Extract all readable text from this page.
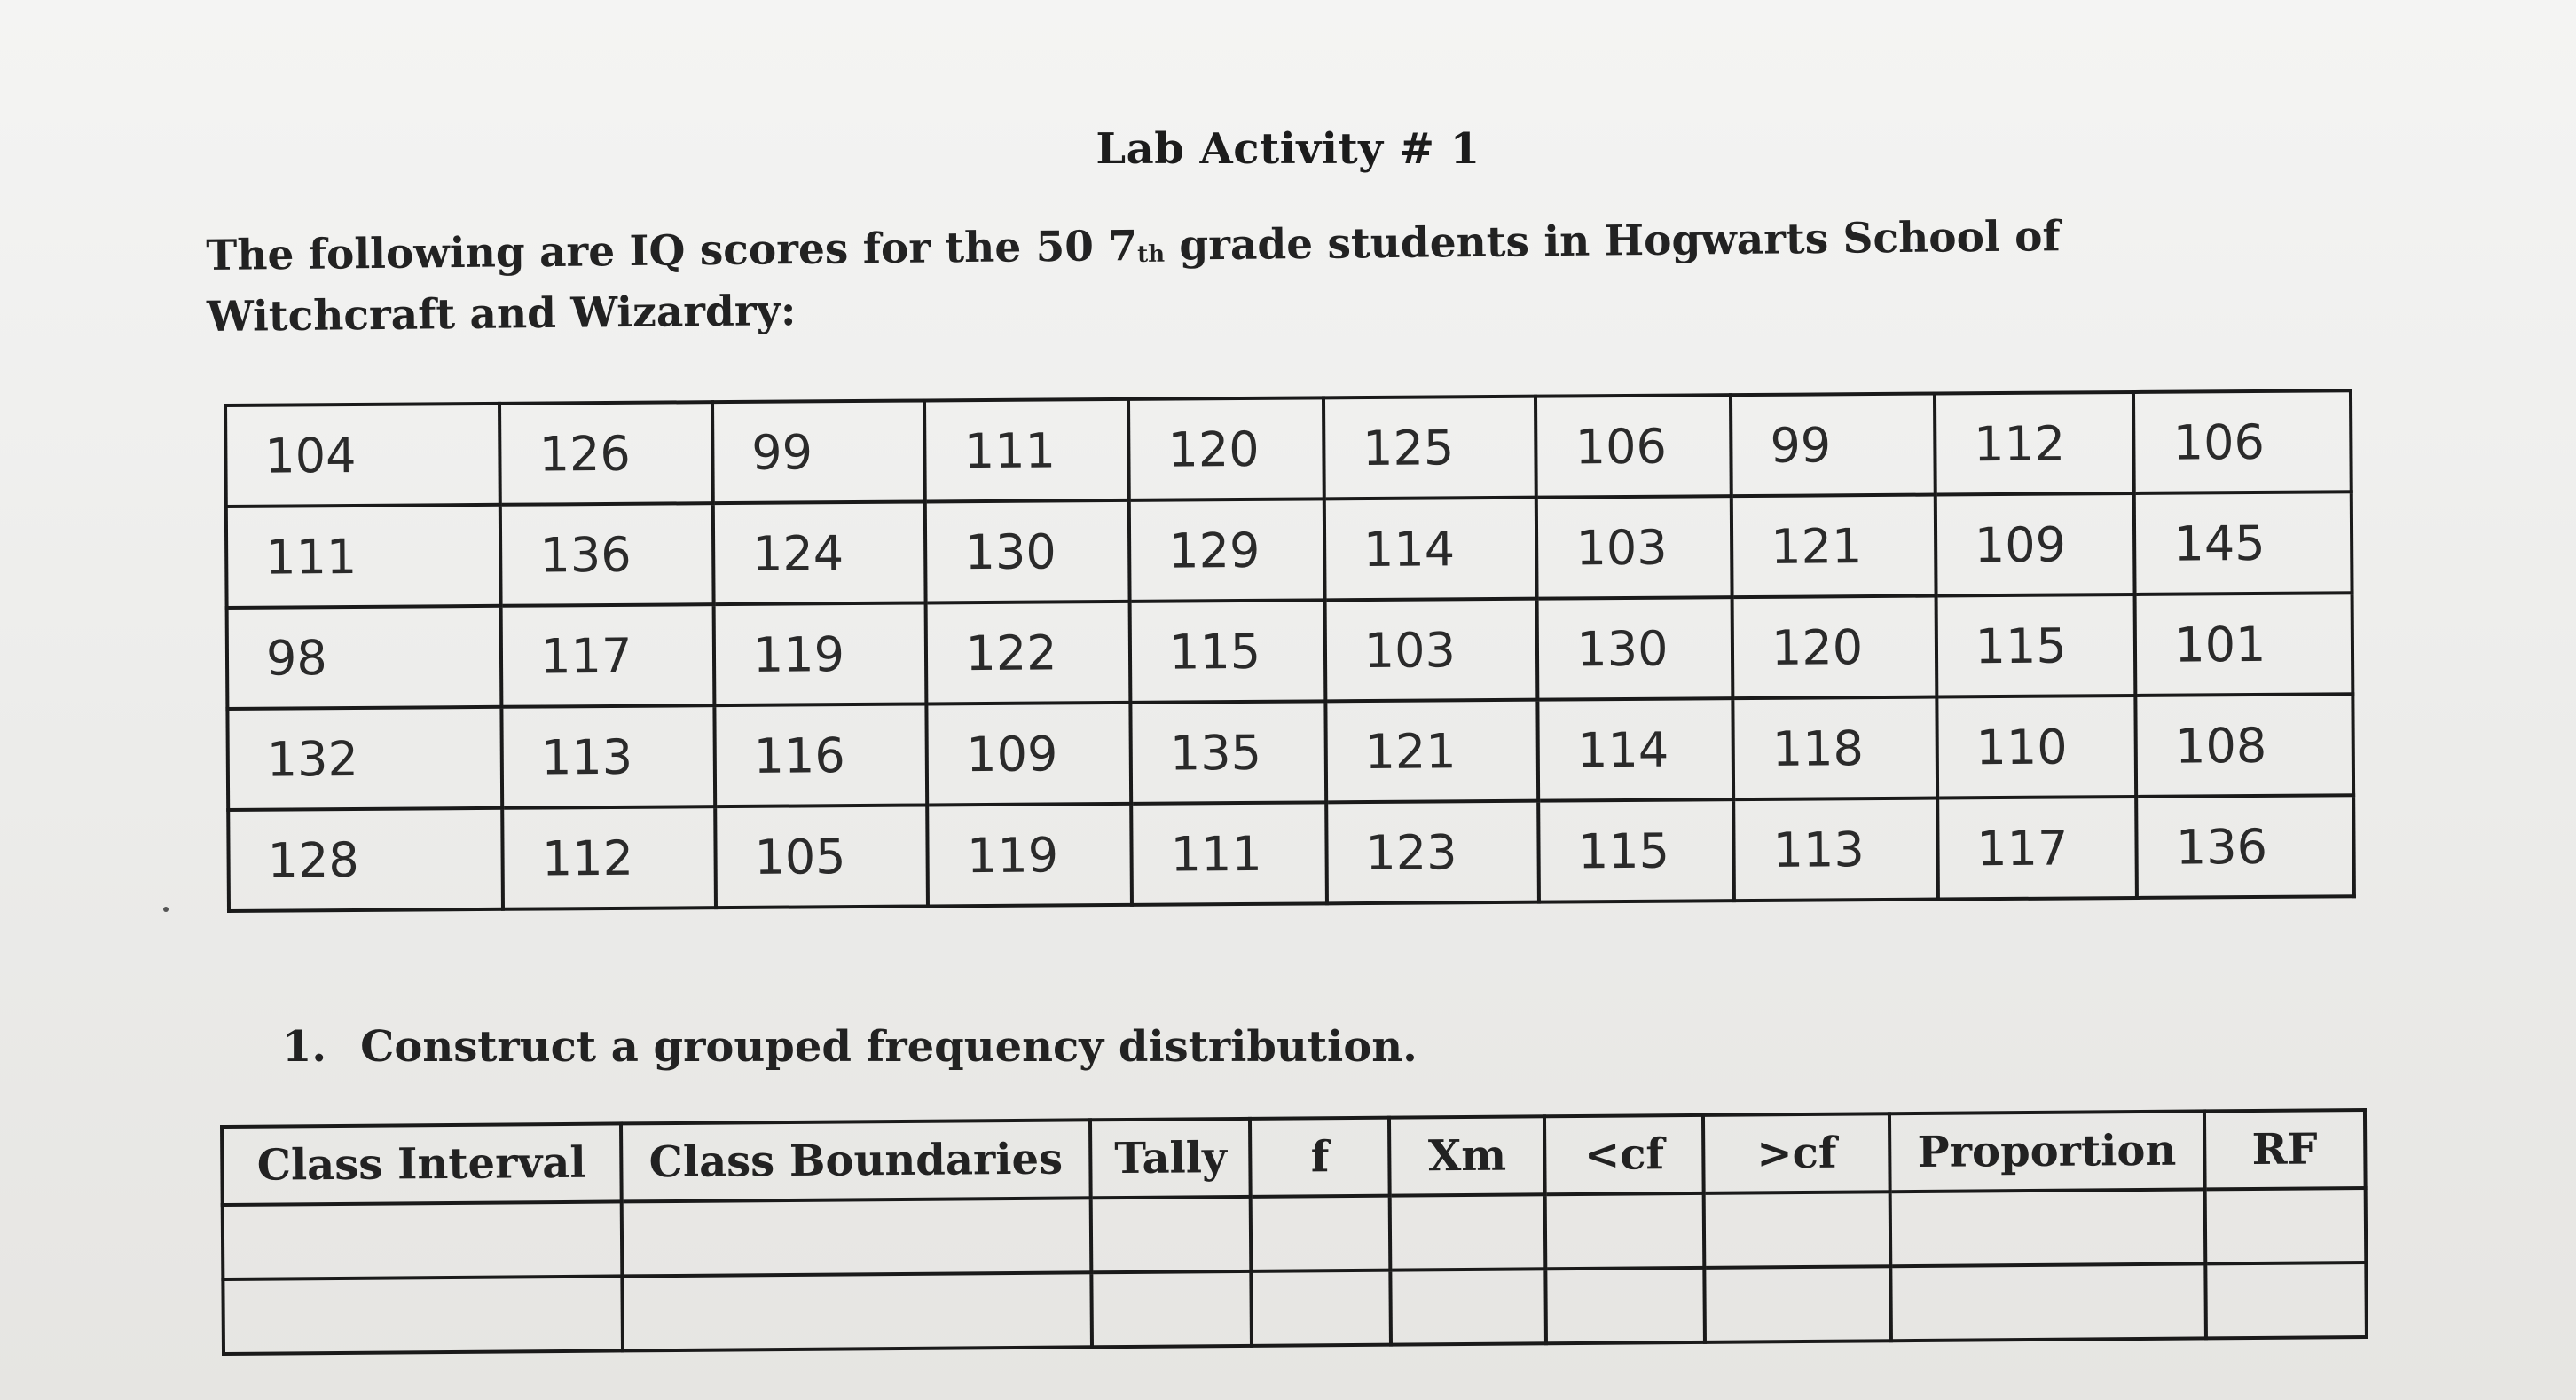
Lab Activity # 1
The following are IQ scores for the 50 7th grade students in Hogwarts School of Witchcraft and Wizardry:
104	126	99	111	120	125	106	99	112	106
111	136	124	130	129	114	103	121	109	145
98	117	119	122	115	103	130	120	115	101
132	113	116	109	135	121	114	118	110	108
128	112	105	119	111	123	115	113	117	136
1. Construct a grouped frequency distribution.
Class Interval	Class Boundaries	Tally	f	Xm	<cf	>cf	Proportion	RF
